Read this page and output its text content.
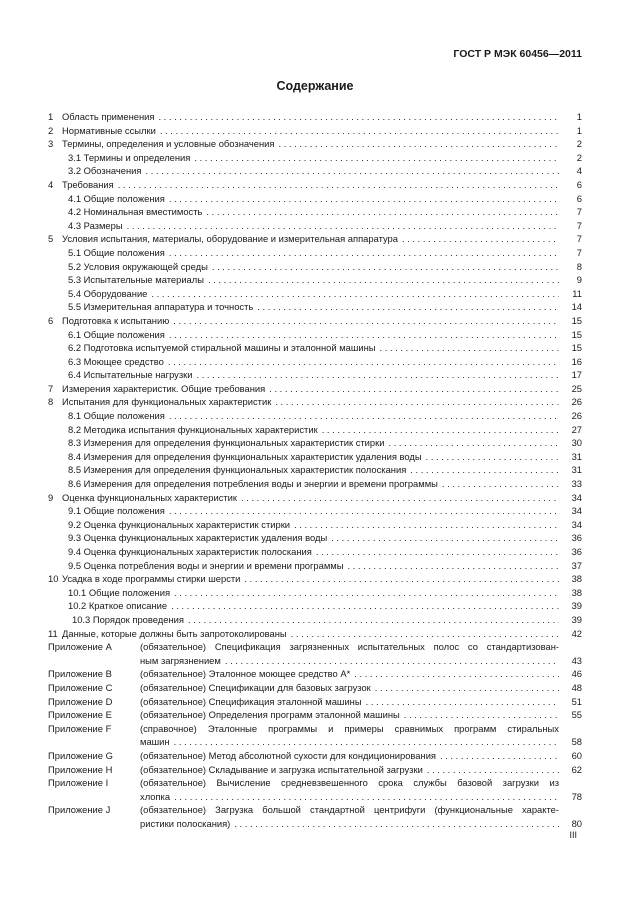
ГОСТ Р МЭК 60456—2011
Содержание
1 Область применения . . .	1
2 Нормативные ссылки . . .	1
3 Термины, определения и условные обозначения . . .	2
3.1 Термины и определения . . .	2
3.2 Обозначения . . .	4
4 Требования . . .	6
4.1 Общие положения . . .	6
4.2 Номинальная вместимость . . .	7
4.3 Размеры . . .	7
5 Условия испытания, материалы, оборудование и измерительная аппаратура . . .	7
5.1 Общие положения . . .	7
5.2 Условия окружающей среды . . .	8
5.3 Испытательные материалы . . .	9
5.4 Оборудование . . .	11
5.5 Измерительная аппаратура и точность . . .	14
6 Подготовка к испытанию . . .	15
6.1 Общие положения . . .	15
6.2 Подготовка испытуемой стиральной машины и эталонной машины . . .	15
6.3 Моющее средство . . .	16
6.4 Испытательные нагрузки . . .	17
7 Измерения характеристик. Общие требования . . .	25
8 Испытания для функциональных характеристик . . .	26
8.1 Общие положения . . .	26
8.2 Методика испытания функциональных характеристик . . .	27
8.3 Измерения для определения функциональных характеристик стирки . . .	30
8.4 Измерения для определения функциональных характеристик удаления воды . . .	31
8.5 Измерения для определения функциональных характеристик полоскания . . .	31
8.6 Измерения для определения потребления воды и энергии и времени программы . . .	33
9 Оценка функциональных характеристик . . .	34
9.1 Общие положения . . .	34
9.2 Оценка функциональных характеристик стирки . . .	34
9.3 Оценка функциональных характеристик удаления воды . . .	36
9.4 Оценка функциональных характеристик полоскания . . .	36
9.5 Оценка потребления воды и энергии и времени программы . . .	37
10 Усадка в ходе программы стирки шерсти . . .	38
10.1 Общие положения . . .	38
10.2 Краткое описание . . .	39
10.3 Порядок проведения . . .	39
11 Данные, которые должны быть запротоколированы . . .	42
Приложение A	(обязательное) Спецификация загрязненных испытательных полос со стандартизован-
ным загрязнением . . .	43
Приложение B	(обязательное) Эталонное моющее средство A* . . .	46
Приложение C	(обязательное) Спецификации для базовых загрузок . . .	48
Приложение D	(обязательное) Спецификация эталонной машины . . .	51
Приложение E	(обязательное) Определения программ эталонной машины . . .	55
Приложение F	(справочное) Эталонные программы и примеры сравнимых программ стиральных
машин . . .	58
Приложение G	(обязательное) Метод абсолютной сухости для кондиционирования . . .	60
Приложение H	(обязательное) Складывание и загрузка испытательной загрузки . . .	62
Приложение I	(обязательное) Вычисление средневзвешенного срока службы базовой загрузки из
хлопка . . .	78
Приложение J	(обязательное) Загрузка большой стандартной центрифуги (функциональные характе-
ристики полоскания) . . .	80
III
